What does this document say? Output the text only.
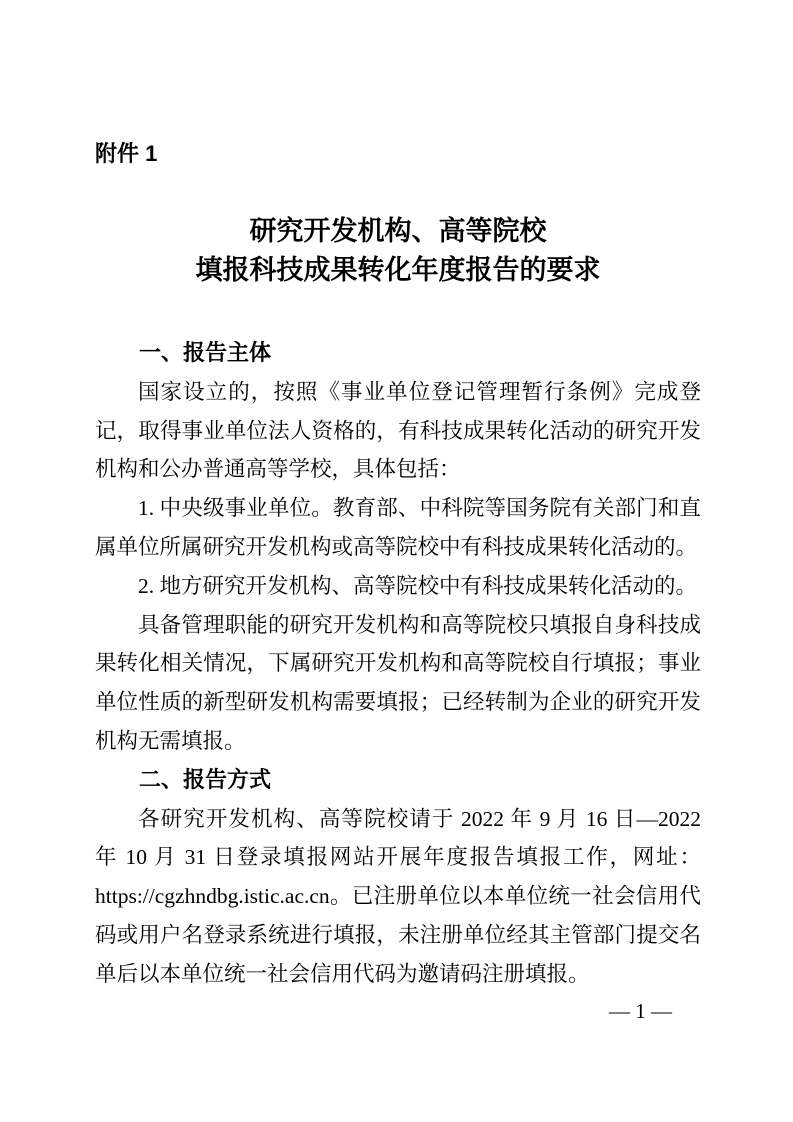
附件 1
研究开发机构、高等院校
填报科技成果转化年度报告的要求
一、报告主体

国家设立的，按照《事业单位登记管理暂行条例》完成登记，取得事业单位法人资格的，有科技成果转化活动的研究开发机构和公办普通高等学校，具体包括：

1. 中央级事业单位。教育部、中科院等国务院有关部门和直属单位所属研究开发机构或高等院校中有科技成果转化活动的。

2. 地方研究开发机构、高等院校中有科技成果转化活动的。

具备管理职能的研究开发机构和高等院校只填报自身科技成果转化相关情况，下属研究开发机构和高等院校自行填报；事业单位性质的新型研发机构需要填报；已经转制为企业的研究开发机构无需填报。

二、报告方式

各研究开发机构、高等院校请于 2022 年 9 月 16 日—2022 年 10 月 31 日登录填报网站开展年度报告填报工作，网址：https://cgzhndbg.istic.ac.cn。已注册单位以本单位统一社会信用代码或用户名登录系统进行填报，未注册单位经其主管部门提交名单后以本单位统一社会信用代码为邀请码注册填报。

— 1 —
